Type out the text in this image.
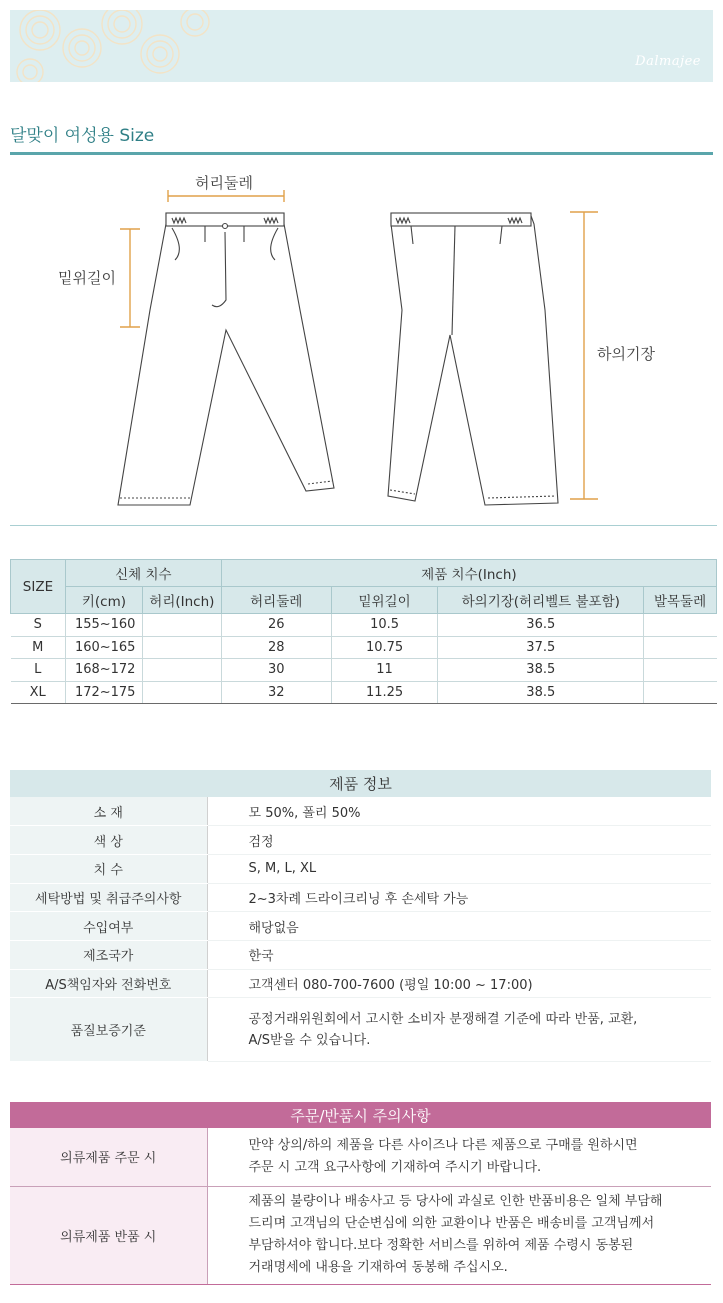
Dalmajee
달맞이 여성용 Size
허리둘레
밑위길이
하의기장
SIZE	신체 치수		제품 치수(Inch)			
	키(cm)	허리(Inch)	허리둘레	밑위길이	하의기장(허리벨트 불포함)	발목둘레
S	155~160		26	10.5	36.5	
M	160~165		28	10.75	37.5	
L	168~172		30	11	38.5	
XL	172~175		32	11.25	38.5	
제품 정보	
소 재	모 50%, 폴리 50%
색 상	검정
치 수	S, M, L, XL
세탁방법 및 취급주의사항	2~3차례 드라이크리닝 후 손세탁 가능
수입여부	해당없음
제조국가	한국
A/S책임자와 전화번호	고객센터 080-700-7600 (평일 10:00 ~ 17:00)
품질보증기준	공정거래위원회에서 고시한 소비자 분쟁해결 기준에 따라 반품, 교환,
A/S받을 수 있습니다.
주문/반품시 주의사항	
의류제품 주문 시	만약 상의/하의 제품을 다른 사이즈나 다른 제품으로 구매를 원하시면
주문 시 고객 요구사항에 기재하여 주시기 바랍니다.

의류제품 반품 시	제품의 불량이나 배송사고 등 당사에 과실로 인한 반품비용은 일체 부담해
드리며 고객님의 단순변심에 의한 교환이나 반품은 배송비를 고객님께서
부담하셔야 합니다.보다 정확한 서비스를 위하여 제품 수령시 동봉된
거래명세에 내용을 기재하여 동봉해 주십시오.
